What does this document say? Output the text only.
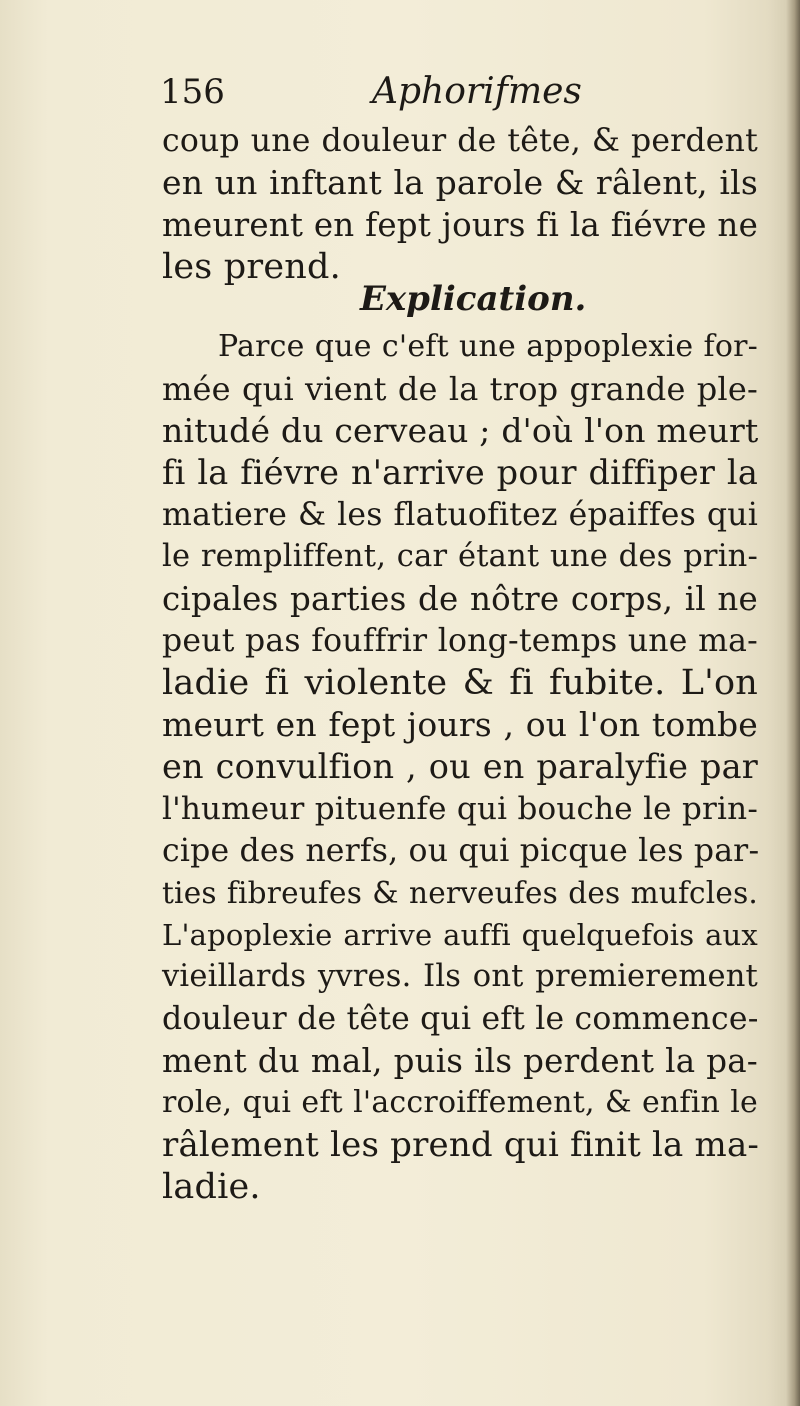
156	Aphorifmes
coup une douleur de tête, & perdent
en un inftant la parole & râlent, ils
meurent en fept jours fi la fiévre ne
les prend.
Explication.
Parce que c'eft une appoplexie for-
mée qui vient de la trop grande ple-
nitudé du cerveau ; d'où l'on meurt
fi la fiévre n'arrive pour diffiper la
matiere & les flatuofitez épaiffes qui
le rempliffent, car étant une des prin-
cipales parties de nôtre corps, il ne
peut pas fouffrir long-temps une ma-
ladie fi violente & fi fubite. L'on
meurt en fept jours , ou l'on tombe
en convulfion , ou en paralyfie par
l'humeur pituenfe qui bouche le prin-
cipe des nerfs, ou qui picque les par-
ties fibreufes & nerveufes des mufcles.
L'apoplexie arrive auffi quelquefois aux
vieillards yvres. Ils ont premierement
douleur de tête qui eft le commence-
ment du mal, puis ils perdent la pa-
role, qui eft l'accroiffement, & enfin le
râlement les prend qui finit la ma-
ladie.
